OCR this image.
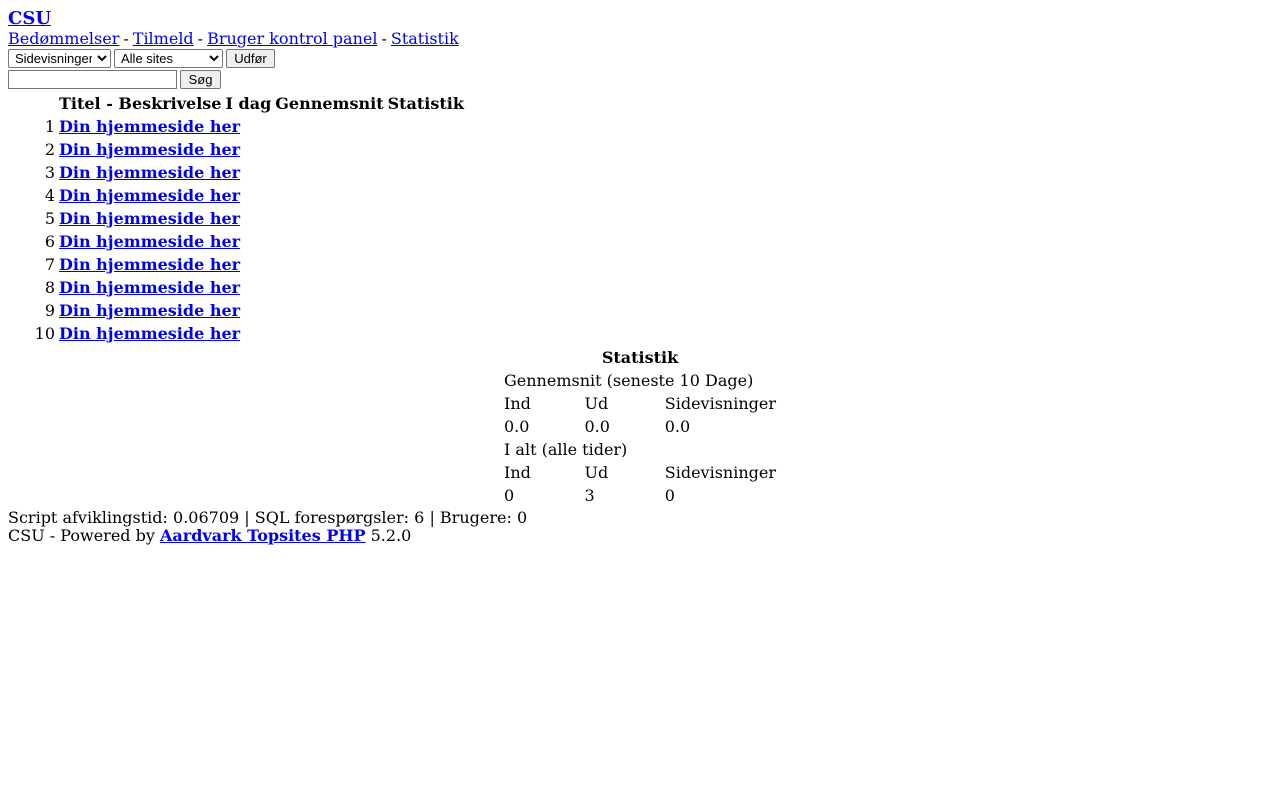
CSU
Bedømmelser - Tilmeld - Bruger kontrol panel - Statistik
Sidevisninger
Alle sitesUdfør
Søg
	Titel - Beskrivelse	I dag	Gennemsnit	Statistik
1	Din hjemmeside her			
2	Din hjemmeside her			
3	Din hjemmeside her			
4	Din hjemmeside her			
5	Din hjemmeside her			
6	Din hjemmeside her			
7	Din hjemmeside her			
8	Din hjemmeside her			
9	Din hjemmeside her			
10	Din hjemmeside her			
Statistik		
Gennemsnit (seneste 10 Dage)		
Ind	Ud	Sidevisninger
0.0	0.0	0.0
I alt (alle tider)		
Ind	Ud	Sidevisninger
0	3	0
Script afviklingstid: 0.06709 | SQL forespørgsler: 6 | Brugere: 0
CSU - Powered by Aardvark Topsites PHP 5.2.0
